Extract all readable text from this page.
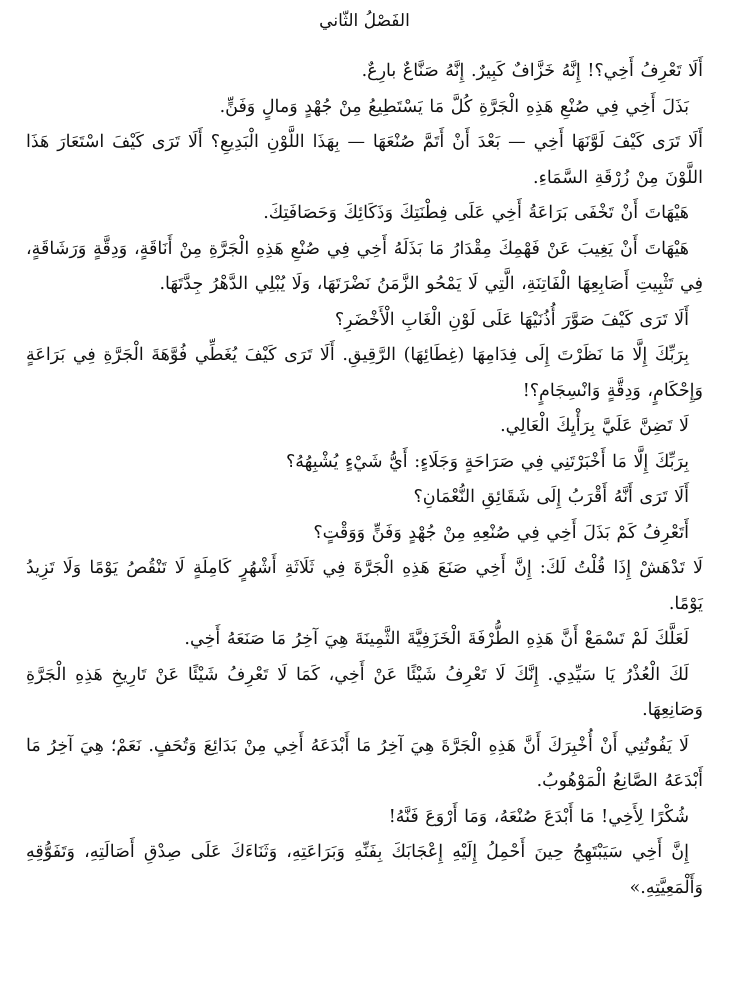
الفَصْلُ الثّاني

أَلَا تَعْرِفُ أَخِي؟! إِنَّهُ خَزَّافٌ كَبِيرٌ. إِنَّهُ صَنَّاعٌ بارِعٌ.

بَذَلَ أَخِي فِي صُنْعِ هَذِهِ الْجَرَّةِ كُلَّ مَا يَسْتَطِيعُ مِنْ جُهْدٍ وَمالٍ وَفَنٍّ.

أَلَا تَرَى كَيْفَ لَوَّنَهَا أَخِي — بَعْدَ أَنْ أَتَمَّ صُنْعَهَا — بِهَذَا اللَّوْنِ الْبَدِيعِ؟ أَلَا تَرَى كَيْفَ اسْتَعَارَ هَذَا اللَّوْنَ مِنْ زُرْقَةِ السَّمَاءِ.

هَيْهَاتَ أَنْ تَخْفَى بَرَاعَةُ أَخِي عَلَى فِطْنَتِكَ وَذَكَائِكَ وَحَصَافَتِكَ.

هَيْهَاتَ أَنْ يَغِيبَ عَنْ فَهْمِكَ مِقْدَارُ مَا بَذَلَهُ أَخِي فِي صُنْعِ هَذِهِ الْجَرَّةِ مِنْ أَنَاقَةٍ، وَدِقَّةٍ وَرَشَاقَةٍ، فِي تَثْبِيتِ أَصَابِعِهَا الْفَاتِنَةِ، الَّتِي لَا يَمْحُو الزَّمَنُ نَضْرَتَهَا، وَلَا يُبْلِي الدَّهْرُ جِدَّتَهَا.

أَلَا تَرَى كَيْفَ صَوَّرَ أُذُنَيْهَا عَلَى لَوْنِ الْغَابِ الْأَخْضَرِ؟

بِرَبِّكَ إِلَّا مَا نَظَرْتَ إِلَى فِدَامِهَا (غِطَائِهَا) الرَّقِيقِ. أَلَا تَرَى كَيْفَ يُغَطِّي فُوَّهَةَ الْجَرَّةِ فِي بَرَاعَةٍ وَإِحْكَامٍ، وَدِقَّةٍ وَانْسِجَامٍ؟!

لَا تَضِنَّ عَلَيَّ بِرَأْيِكَ الْعَالِي.

بِرَبِّكَ إِلَّا مَا أَخْبَرْتَنِي فِي صَرَاحَةٍ وَجَلَاءٍ: أَيُّ شَيْءٍ يُشْبِهُهُ؟

أَلَا تَرَى أَنَّهُ أَقْرَبُ إِلَى شَقَائِقِ النُّعْمَانِ؟

أَتَعْرِفُ كَمْ بَذَلَ أَخِي فِي صُنْعِهِ مِنْ جُهْدٍ وَفَنٍّ وَوَقْتٍ؟

لَا تَدْهَشْ إِذَا قُلْتُ لَكَ: إِنَّ أَخِي صَنَعَ هَذِهِ الْجَرَّةَ فِي ثَلَاثَةِ أَشْهُرٍ كَامِلَةٍ لَا تَنْقُصُ يَوْمًا وَلَا تَزِيدُ يَوْمًا.

لَعَلَّكَ لَمْ تَسْمَعْ أَنَّ هَذِهِ الطُّرْفَةَ الْخَزَفِيَّةَ الثَّمِينَةَ هِيَ آخِرُ مَا صَنَعَهُ أَخِي.

لَكَ الْعُذْرُ يَا سَيِّدِي. إِنَّكَ لَا تَعْرِفُ شَيْئًا عَنْ أَخِي، كَمَا لَا تَعْرِفُ شَيْئًا عَنْ تَارِيخِ هَذِهِ الْجَرَّةِ وَصَانِعِهَا.

لَا يَفُوتُنِي أَنْ أُخْبِرَكَ أَنَّ هَذِهِ الْجَرَّةَ هِيَ آخِرُ مَا أَبْدَعَهُ أَخِي مِنْ بَدَائِعَ وَتُحَفٍ. نَعَمْ؛ هِيَ آخِرُ مَا أَبْدَعَهُ الصَّانِعُ الْمَوْهُوبُ.

شُكْرًا لِأَخِي! مَا أَبْدَعَ صُنْعَهُ، وَمَا أَرْوَعَ فَنَّهُ!

إِنَّ أَخِي سَيَبْتَهِجُ حِينَ أَحْمِلُ إِلَيْهِ إِعْجَابَكَ بِفَنِّهِ وَبَرَاعَتِهِ، وَثَنَاءَكَ عَلَى صِدْقِ أَصَالَتِهِ، وَتَفَوُّقِهِ وَأَلْمَعِيَّتِهِ.»
